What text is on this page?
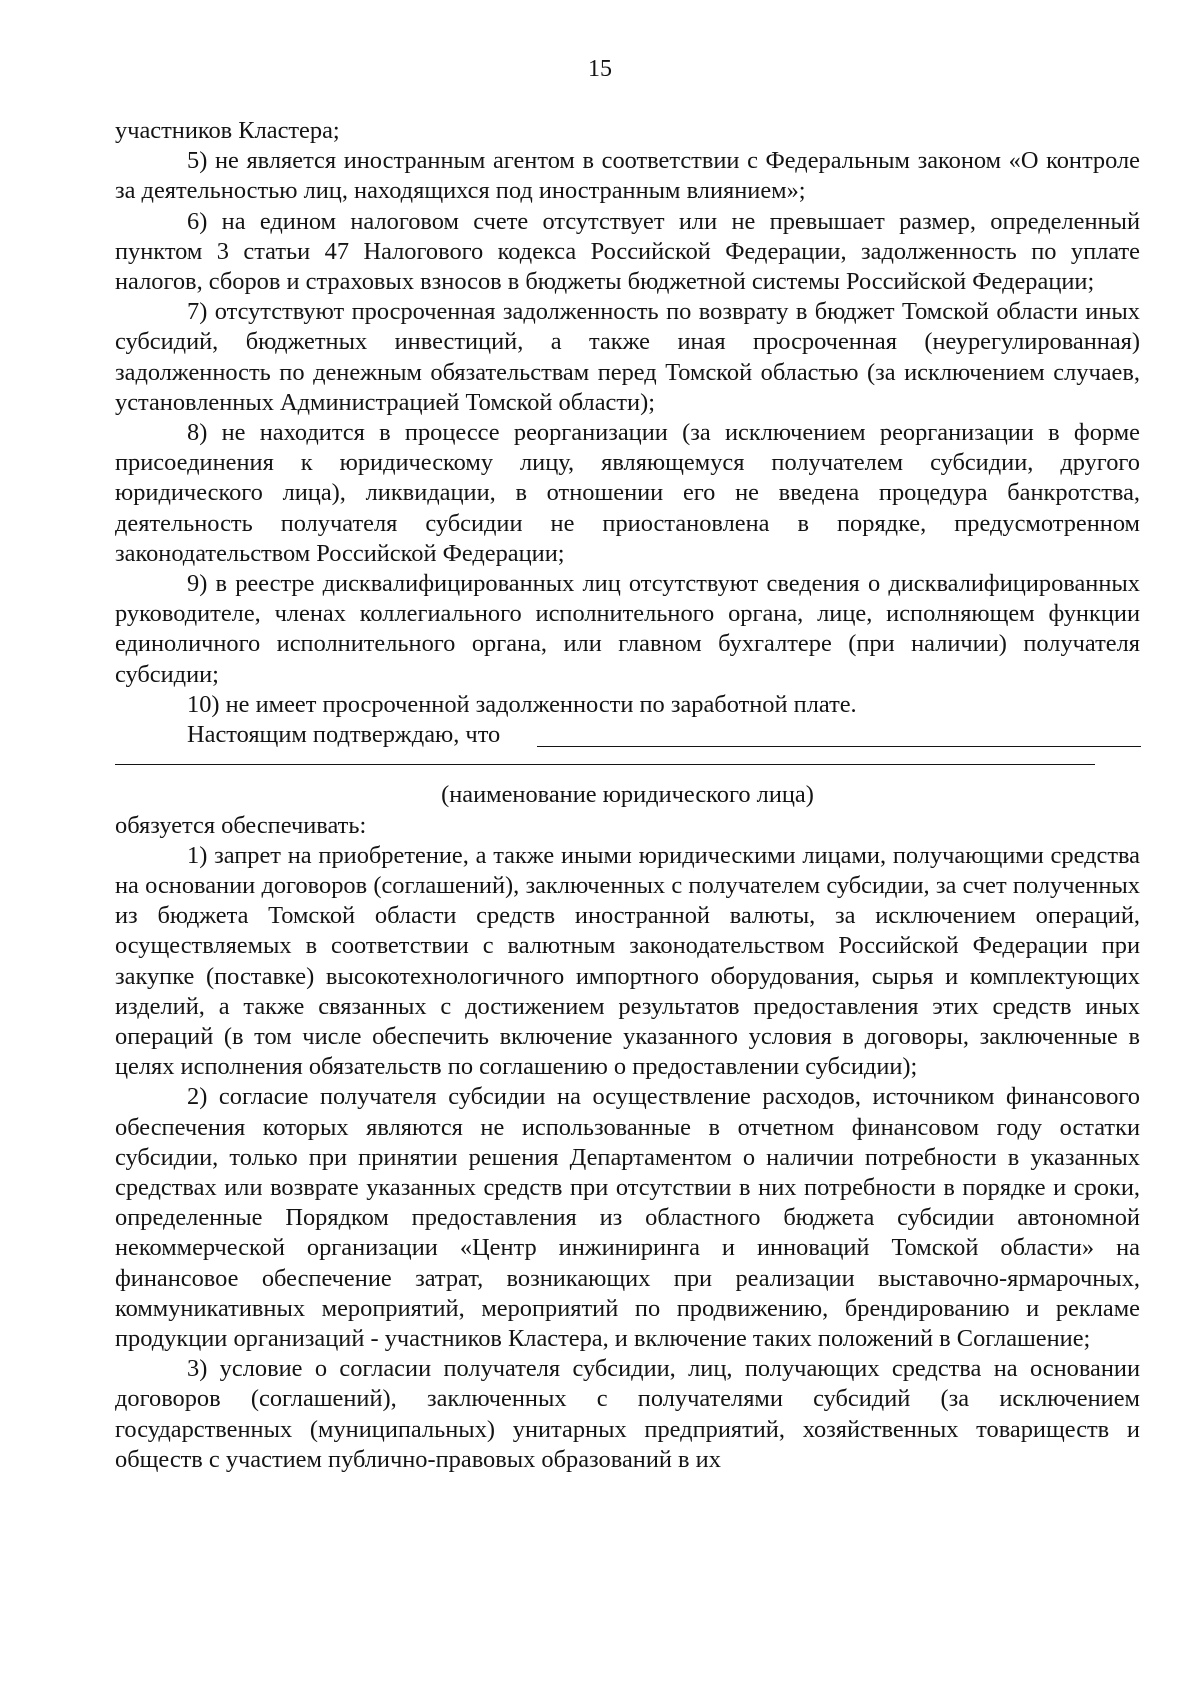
15

участников Кластера;

5) не является иностранным агентом в соответствии с Федеральным законом «О контроле за деятельностью лиц, находящихся под иностранным влиянием»;

6) на едином налоговом счете отсутствует или не превышает размер, определенный пунктом 3 статьи 47 Налогового кодекса Российской Федерации, задолженность по уплате налогов, сборов и страховых взносов в бюджеты бюджетной системы Российской Федерации;

7) отсутствуют просроченная задолженность по возврату в бюджет Томской области иных субсидий, бюджетных инвестиций, а также иная просроченная (неурегулированная) задолженность по денежным обязательствам перед Томской областью (за исключением случаев, установленных Администрацией Томской области);

8) не находится в процессе реорганизации (за исключением реорганизации в форме присоединения к юридическому лицу, являющемуся получателем субсидии, другого юридического лица), ликвидации, в отношении его не введена процедура банкротства, деятельность получателя субсидии не приостановлена в порядке, предусмотренном законодательством Российской Федерации;

9) в реестре дисквалифицированных лиц отсутствуют сведения о дисквалифицированных руководителе, членах коллегиального исполнительного органа, лице, исполняющем функции единоличного исполнительного органа, или главном бухгалтере (при наличии) получателя субсидии;

10) не имеет просроченной задолженности по заработной плате.

Настоящим подтверждаю, что

(наименование юридического лица)

обязуется обеспечивать:

1) запрет на приобретение, а также иными юридическими лицами, получающими средства на основании договоров (соглашений), заключенных с получателем субсидии, за счет полученных из бюджета Томской области средств иностранной валюты, за исключением операций, осуществляемых в соответствии с валютным законодательством Российской Федерации при закупке (поставке) высокотехнологичного импортного оборудования, сырья и комплектующих изделий, а также связанных с достижением результатов предоставления этих средств иных операций (в том числе обеспечить включение указанного условия в договоры, заключенные в целях исполнения обязательств по соглашению о предоставлении субсидии);

2) согласие получателя субсидии на осуществление расходов, источником финансового обеспечения которых являются не использованные в отчетном финансовом году остатки субсидии, только при принятии решения Департаментом о наличии потребности в указанных средствах или возврате указанных средств при отсутствии в них потребности в порядке и сроки, определенные Порядком предоставления из областного бюджета субсидии автономной некоммерческой организации «Центр инжиниринга и инноваций Томской области» на финансовое обеспечение затрат, возникающих при реализации выставочно-ярмарочных, коммуникативных мероприятий, мероприятий по продвижению, брендированию и рекламе продукции организаций - участников Кластера, и включение таких положений в Соглашение;

3) условие о согласии получателя субсидии, лиц, получающих средства на основании договоров (соглашений), заключенных с получателями субсидий (за исключением государственных (муниципальных) унитарных предприятий, хозяйственных товариществ и обществ с участием публично-правовых образований в их
